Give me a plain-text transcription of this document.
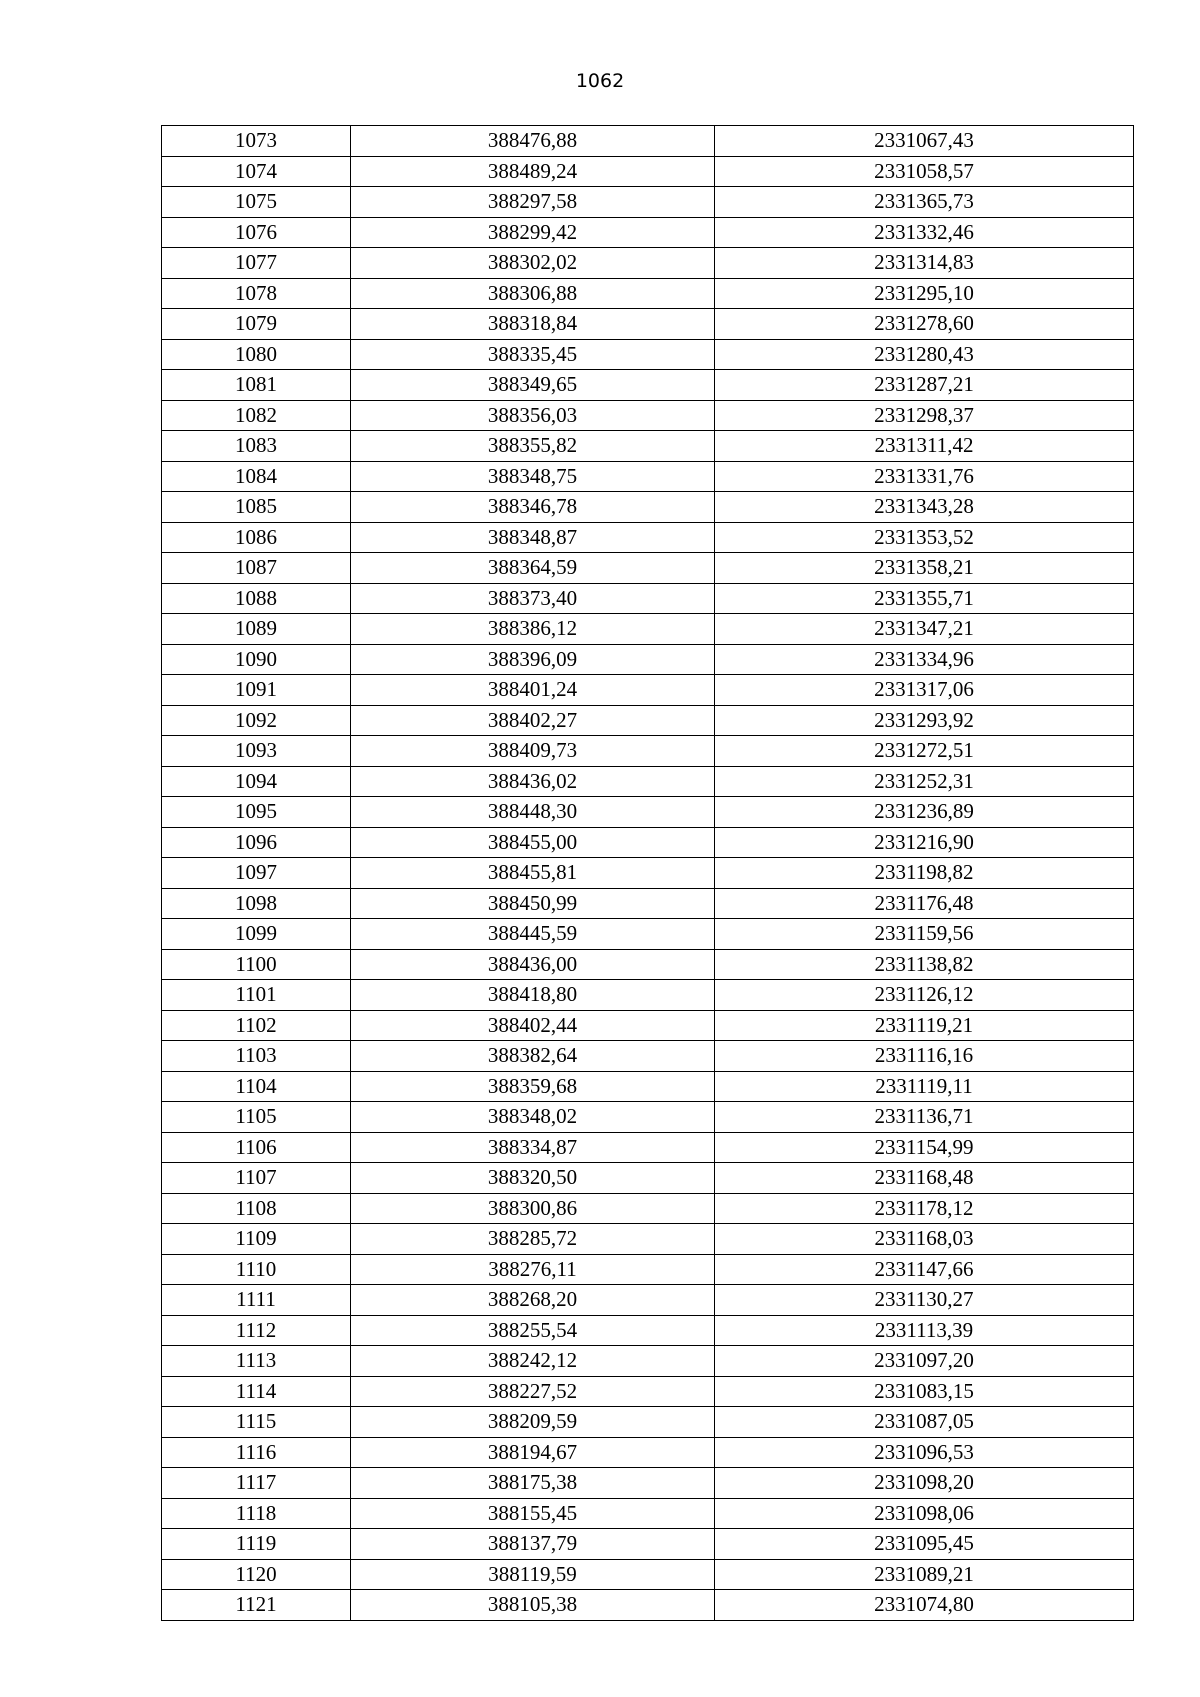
1062
1073	388476,88	2331067,43
1074	388489,24	2331058,57
1075	388297,58	2331365,73
1076	388299,42	2331332,46
1077	388302,02	2331314,83
1078	388306,88	2331295,10
1079	388318,84	2331278,60
1080	388335,45	2331280,43
1081	388349,65	2331287,21
1082	388356,03	2331298,37
1083	388355,82	2331311,42
1084	388348,75	2331331,76
1085	388346,78	2331343,28
1086	388348,87	2331353,52
1087	388364,59	2331358,21
1088	388373,40	2331355,71
1089	388386,12	2331347,21
1090	388396,09	2331334,96
1091	388401,24	2331317,06
1092	388402,27	2331293,92
1093	388409,73	2331272,51
1094	388436,02	2331252,31
1095	388448,30	2331236,89
1096	388455,00	2331216,90
1097	388455,81	2331198,82
1098	388450,99	2331176,48
1099	388445,59	2331159,56
1100	388436,00	2331138,82
1101	388418,80	2331126,12
1102	388402,44	2331119,21
1103	388382,64	2331116,16
1104	388359,68	2331119,11
1105	388348,02	2331136,71
1106	388334,87	2331154,99
1107	388320,50	2331168,48
1108	388300,86	2331178,12
1109	388285,72	2331168,03
1110	388276,11	2331147,66
1111	388268,20	2331130,27
1112	388255,54	2331113,39
1113	388242,12	2331097,20
1114	388227,52	2331083,15
1115	388209,59	2331087,05
1116	388194,67	2331096,53
1117	388175,38	2331098,20
1118	388155,45	2331098,06
1119	388137,79	2331095,45
1120	388119,59	2331089,21
1121	388105,38	2331074,80
